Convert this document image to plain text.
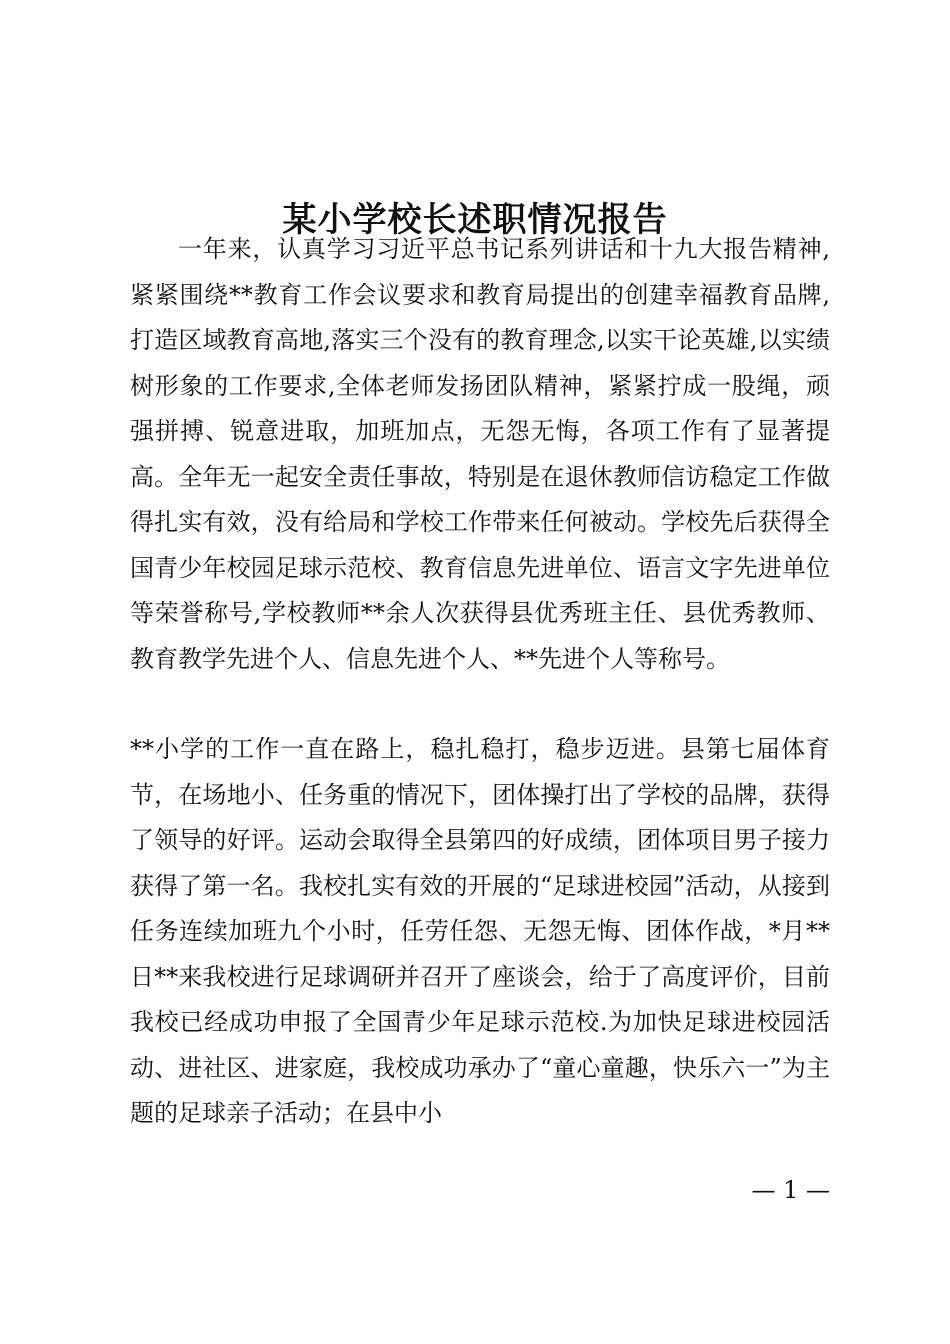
某小学校长述职情况报告

一年来，认真学习习近平总书记系列讲话和十九大报告精神,紧紧围绕**教育工作会议要求和教育局提出的创建幸福教育品牌,打造区域教育高地,落实三个没有的教育理念,以实干论英雄,以实绩树形象的工作要求,全体老师发扬团队精神，紧紧拧成一股绳，顽强拼搏、锐意进取，加班加点，无怨无悔，各项工作有了显著提高。全年无一起安全责任事故，特别是在退休教师信访稳定工作做得扎实有效，没有给局和学校工作带来任何被动。学校先后获得全国青少年校园足球示范校、教育信息先进单位、语言文字先进单位等荣誉称号,学校教师**余人次获得县优秀班主任、县优秀教师、教育教学先进个人、信息先进个人、**先进个人等称号。

**小学的工作一直在路上，稳扎稳打，稳步迈进。县第七届体育节，在场地小、任务重的情况下，团体操打出了学校的品牌，获得了领导的好评。运动会取得全县第四的好成绩，团体项目男子接力获得了第一名。我校扎实有效的开展的“足球进校园”活动，从接到任务连续加班九个小时，任劳任怨、无怨无悔、团体作战，*月**日**来我校进行足球调研并召开了座谈会，给于了高度评价，目前我校已经成功申报了全国青少年足球示范校.为加快足球进校园活动、进社区、进家庭，我校成功承办了“童心童趣，快乐六一”为主题的足球亲子活动；在县中小

— 1 —
